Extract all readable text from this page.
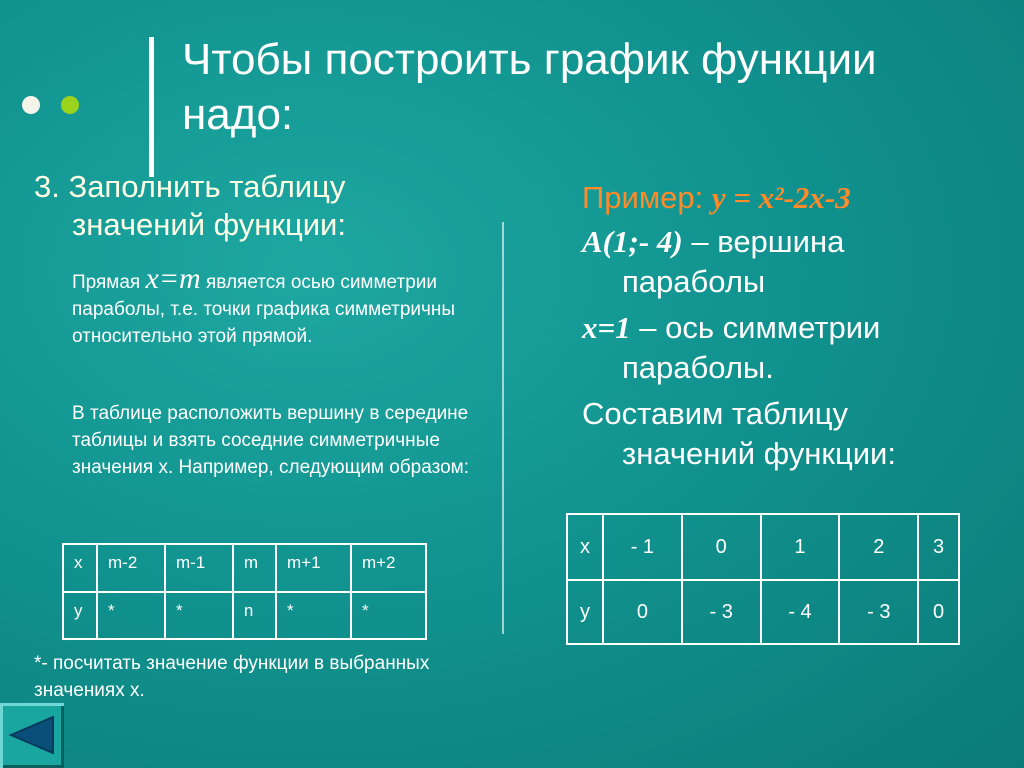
Чтобы построить график функции надо:
3. Заполнить таблицу
значений функции:
Прямая x=m является осью симметрии параболы, т.е. точки графика симметричны относительно этой прямой.
В таблице расположить вершину в середине таблицы и взять соседние симметричные значения х. Например, следующим образом:
х	m-2	m-1	m	m+1	m+2
у	*	*	n	*	*
*- посчитать значение функции в выбранных значениях х.
Пример: у = х²-2х-3
А(1;- 4) – вершина
параболы
х=1 – ось симметрии
параболы.
Составим таблицу
значений функции:
х	- 1	0	1	2	3
у	0	- 3	- 4	- 3	0
